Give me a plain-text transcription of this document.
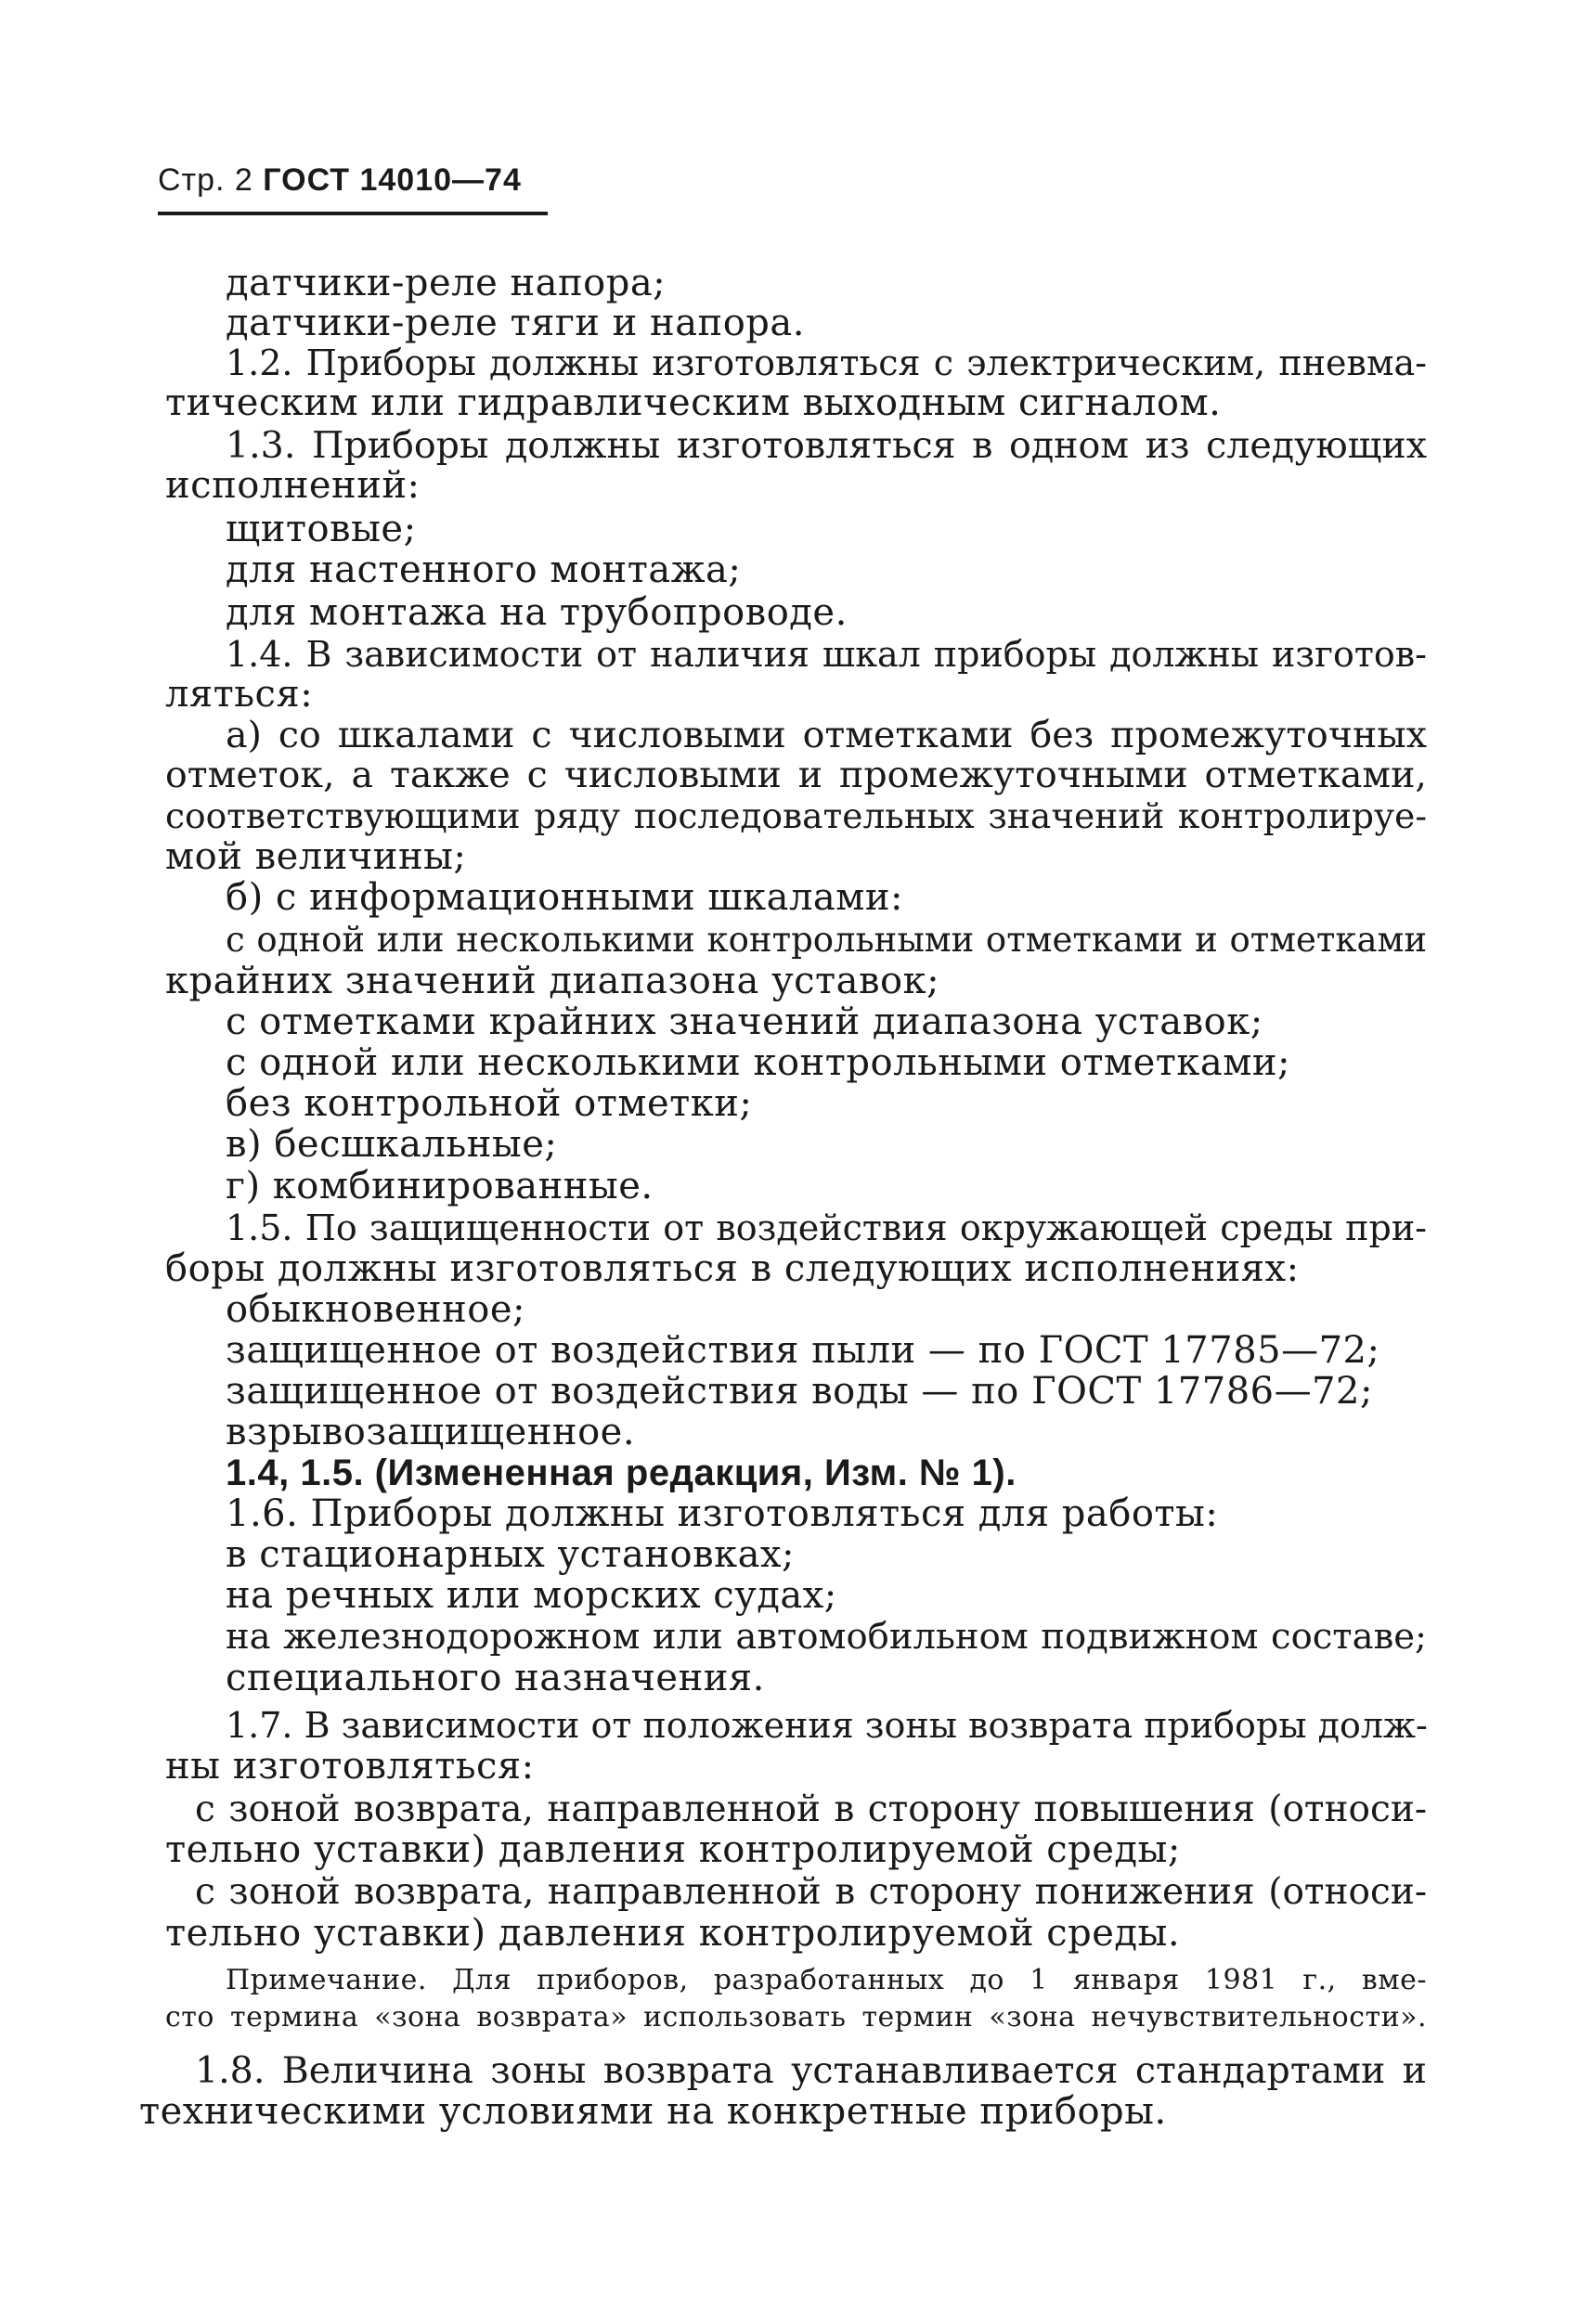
Стр. 2 ГОСТ 14010—74
датчики-реле напора;
датчики-реле тяги и напора.
1.2. Приборы должны изготовляться с электрическим, пневма-
тическим или гидравлическим выходным сигналом.
1.3. Приборы должны изготовляться в одном из следующих
исполнений:
щитовые;
для настенного монтажа;
для монтажа на трубопроводе.
1.4. В зависимости от наличия шкал приборы должны изготов-
ляться:
а) со шкалами с числовыми отметками без промежуточных
отметок, а также с числовыми и промежуточными отметками,
соответствующими ряду последовательных значений контролируе-
мой величины;
б) с информационными шкалами:
с одной или несколькими контрольными отметками и отметками
крайних значений диапазона уставок;
с отметками крайних значений диапазона уставок;
с одной или несколькими контрольными отметками;
без контрольной отметки;
в) бесшкальные;
г) комбинированные.
1.5. По защищенности от воздействия окружающей среды при-
боры должны изготовляться в следующих исполнениях:
обыкновенное;
защищенное от воздействия пыли — по ГОСТ 17785—72;
защищенное от воздействия воды — по ГОСТ 17786—72;
взрывозащищенное.
1.4, 1.5. (Измененная редакция, Изм. № 1).
1.6. Приборы должны изготовляться для работы:
в стационарных установках;
на речных или морских судах;
на железнодорожном или автомобильном подвижном составе;
специального назначения.
1.7. В зависимости от положения зоны возврата приборы долж-
ны изготовляться:
с зоной возврата, направленной в сторону повышения (относи-
тельно уставки) давления контролируемой среды;
с зоной возврата, направленной в сторону понижения (относи-
тельно уставки) давления контролируемой среды.
Примечание. Для приборов, разработанных до 1 января 1981 г., вме-
сто термина «зона возврата» использовать термин «зона нечувствительности».
1.8. Величина зоны возврата устанавливается стандартами и
техническими условиями на конкретные приборы.
